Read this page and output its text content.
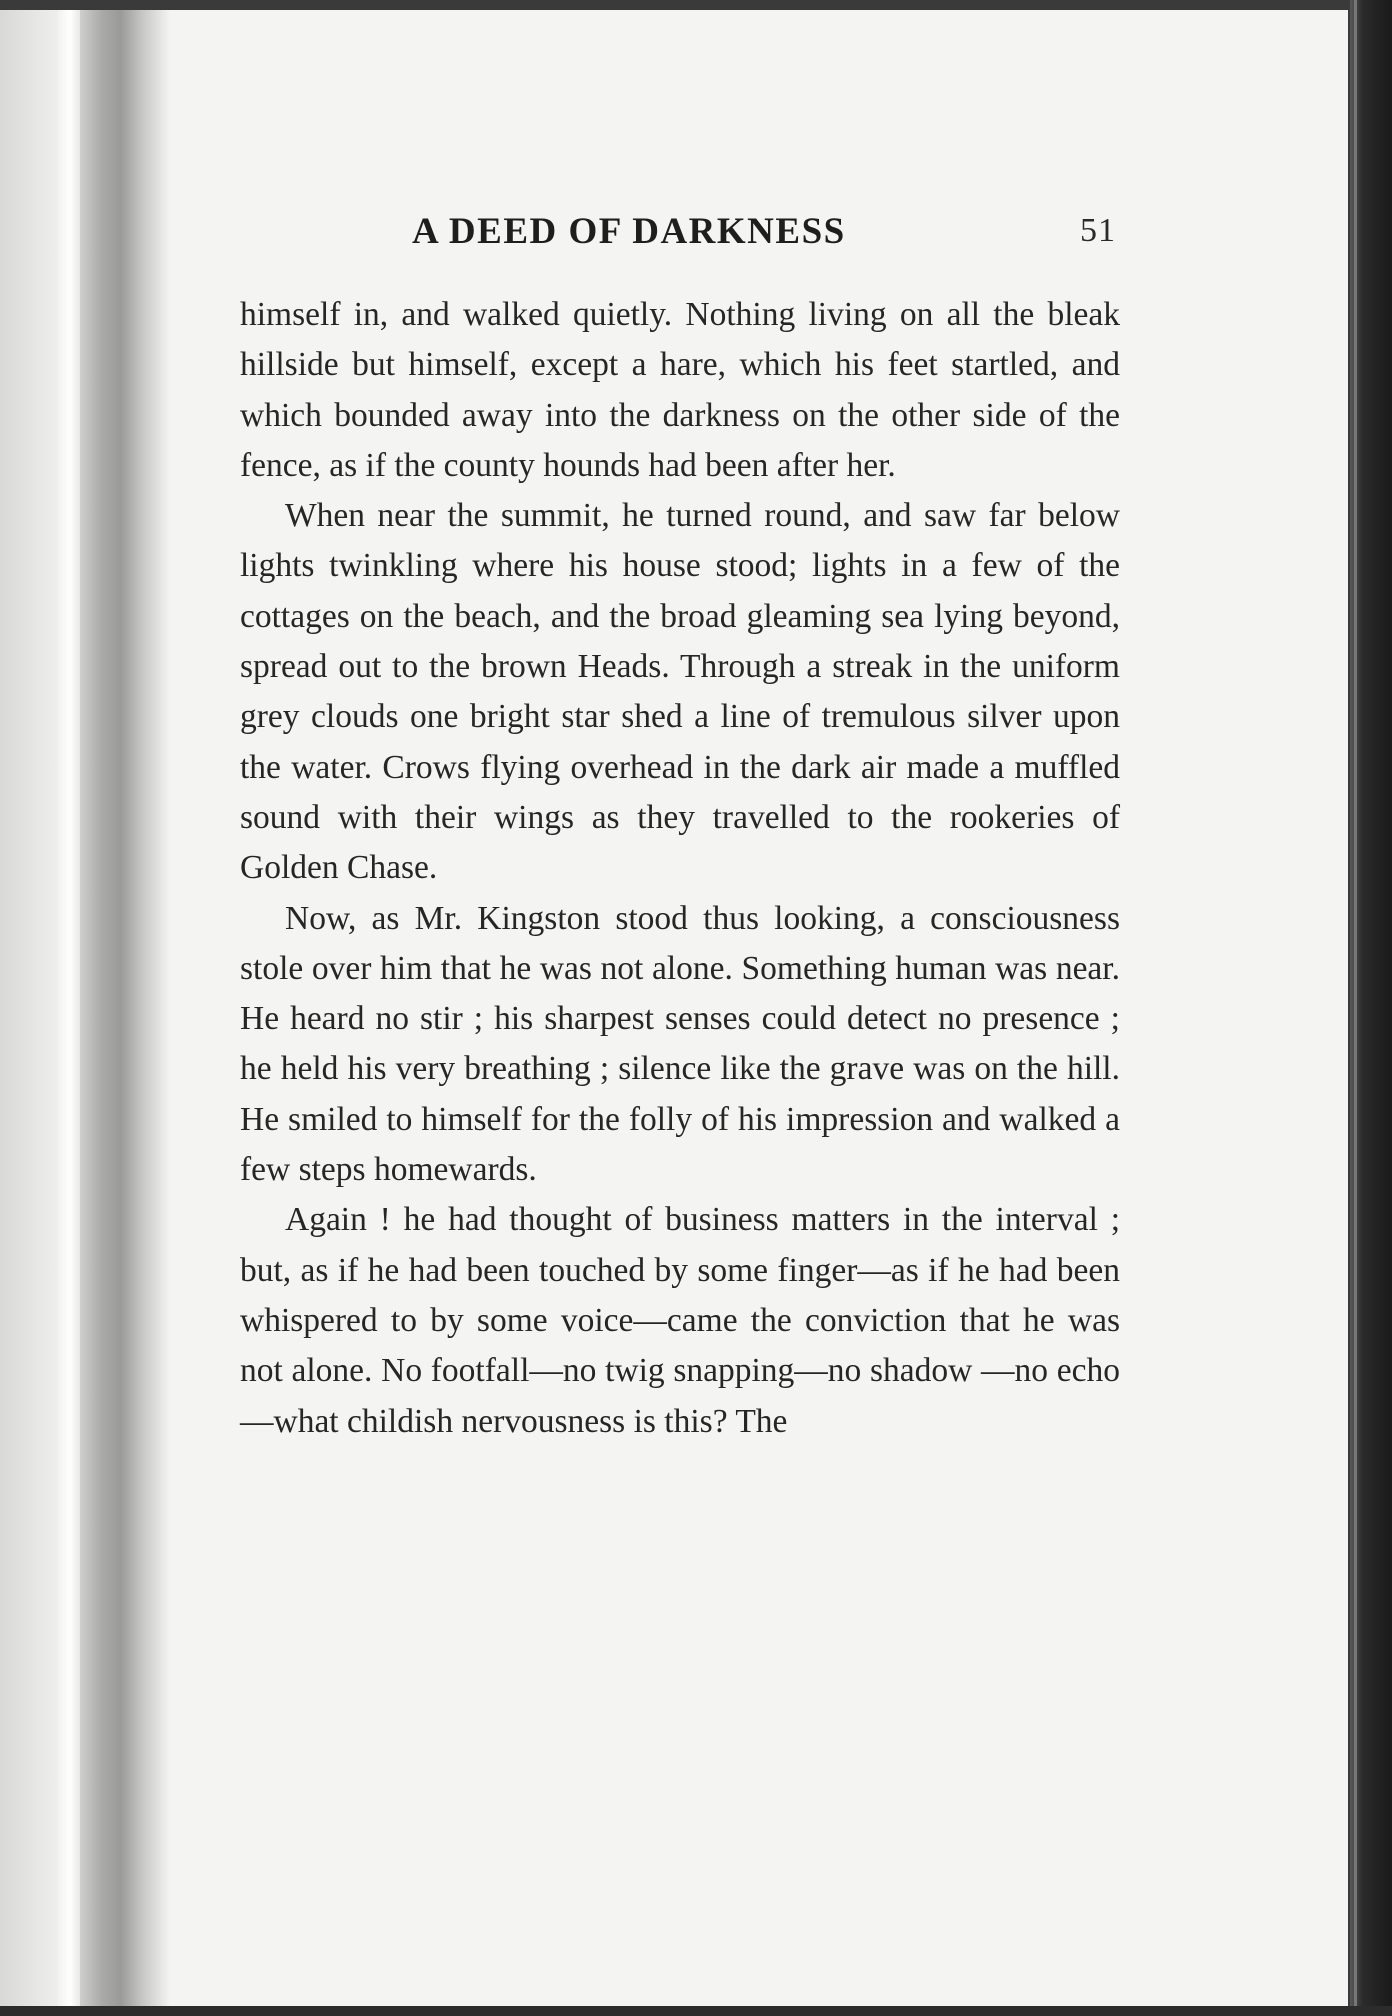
A DEED OF DARKNESS	51

himself in, and walked quietly. Nothing living on all the bleak hillside but himself, except a hare, which his feet startled, and which bounded away into the darkness on the other side of the fence, as if the county hounds had been after her.

When near the summit, he turned round, and saw far below lights twinkling where his house stood; lights in a few of the cottages on the beach, and the broad gleaming sea lying beyond, spread out to the brown Heads. Through a streak in the uniform grey clouds one bright star shed a line of tremulous silver upon the water. Crows flying overhead in the dark air made a muffled sound with their wings as they travelled to the rookeries of Golden Chase.

Now, as Mr. Kingston stood thus looking, a consciousness stole over him that he was not alone. Something human was near. He heard no stir ; his sharpest senses could detect no presence ; he held his very breathing ; silence like the grave was on the hill. He smiled to himself for the folly of his impression and walked a few steps homewards.

Again ! he had thought of business matters in the interval ; but, as if he had been touched by some finger—as if he had been whispered to by some voice—came the conviction that he was not alone. No footfall—no twig snapping—no shadow —no echo—what childish nervousness is this? The
